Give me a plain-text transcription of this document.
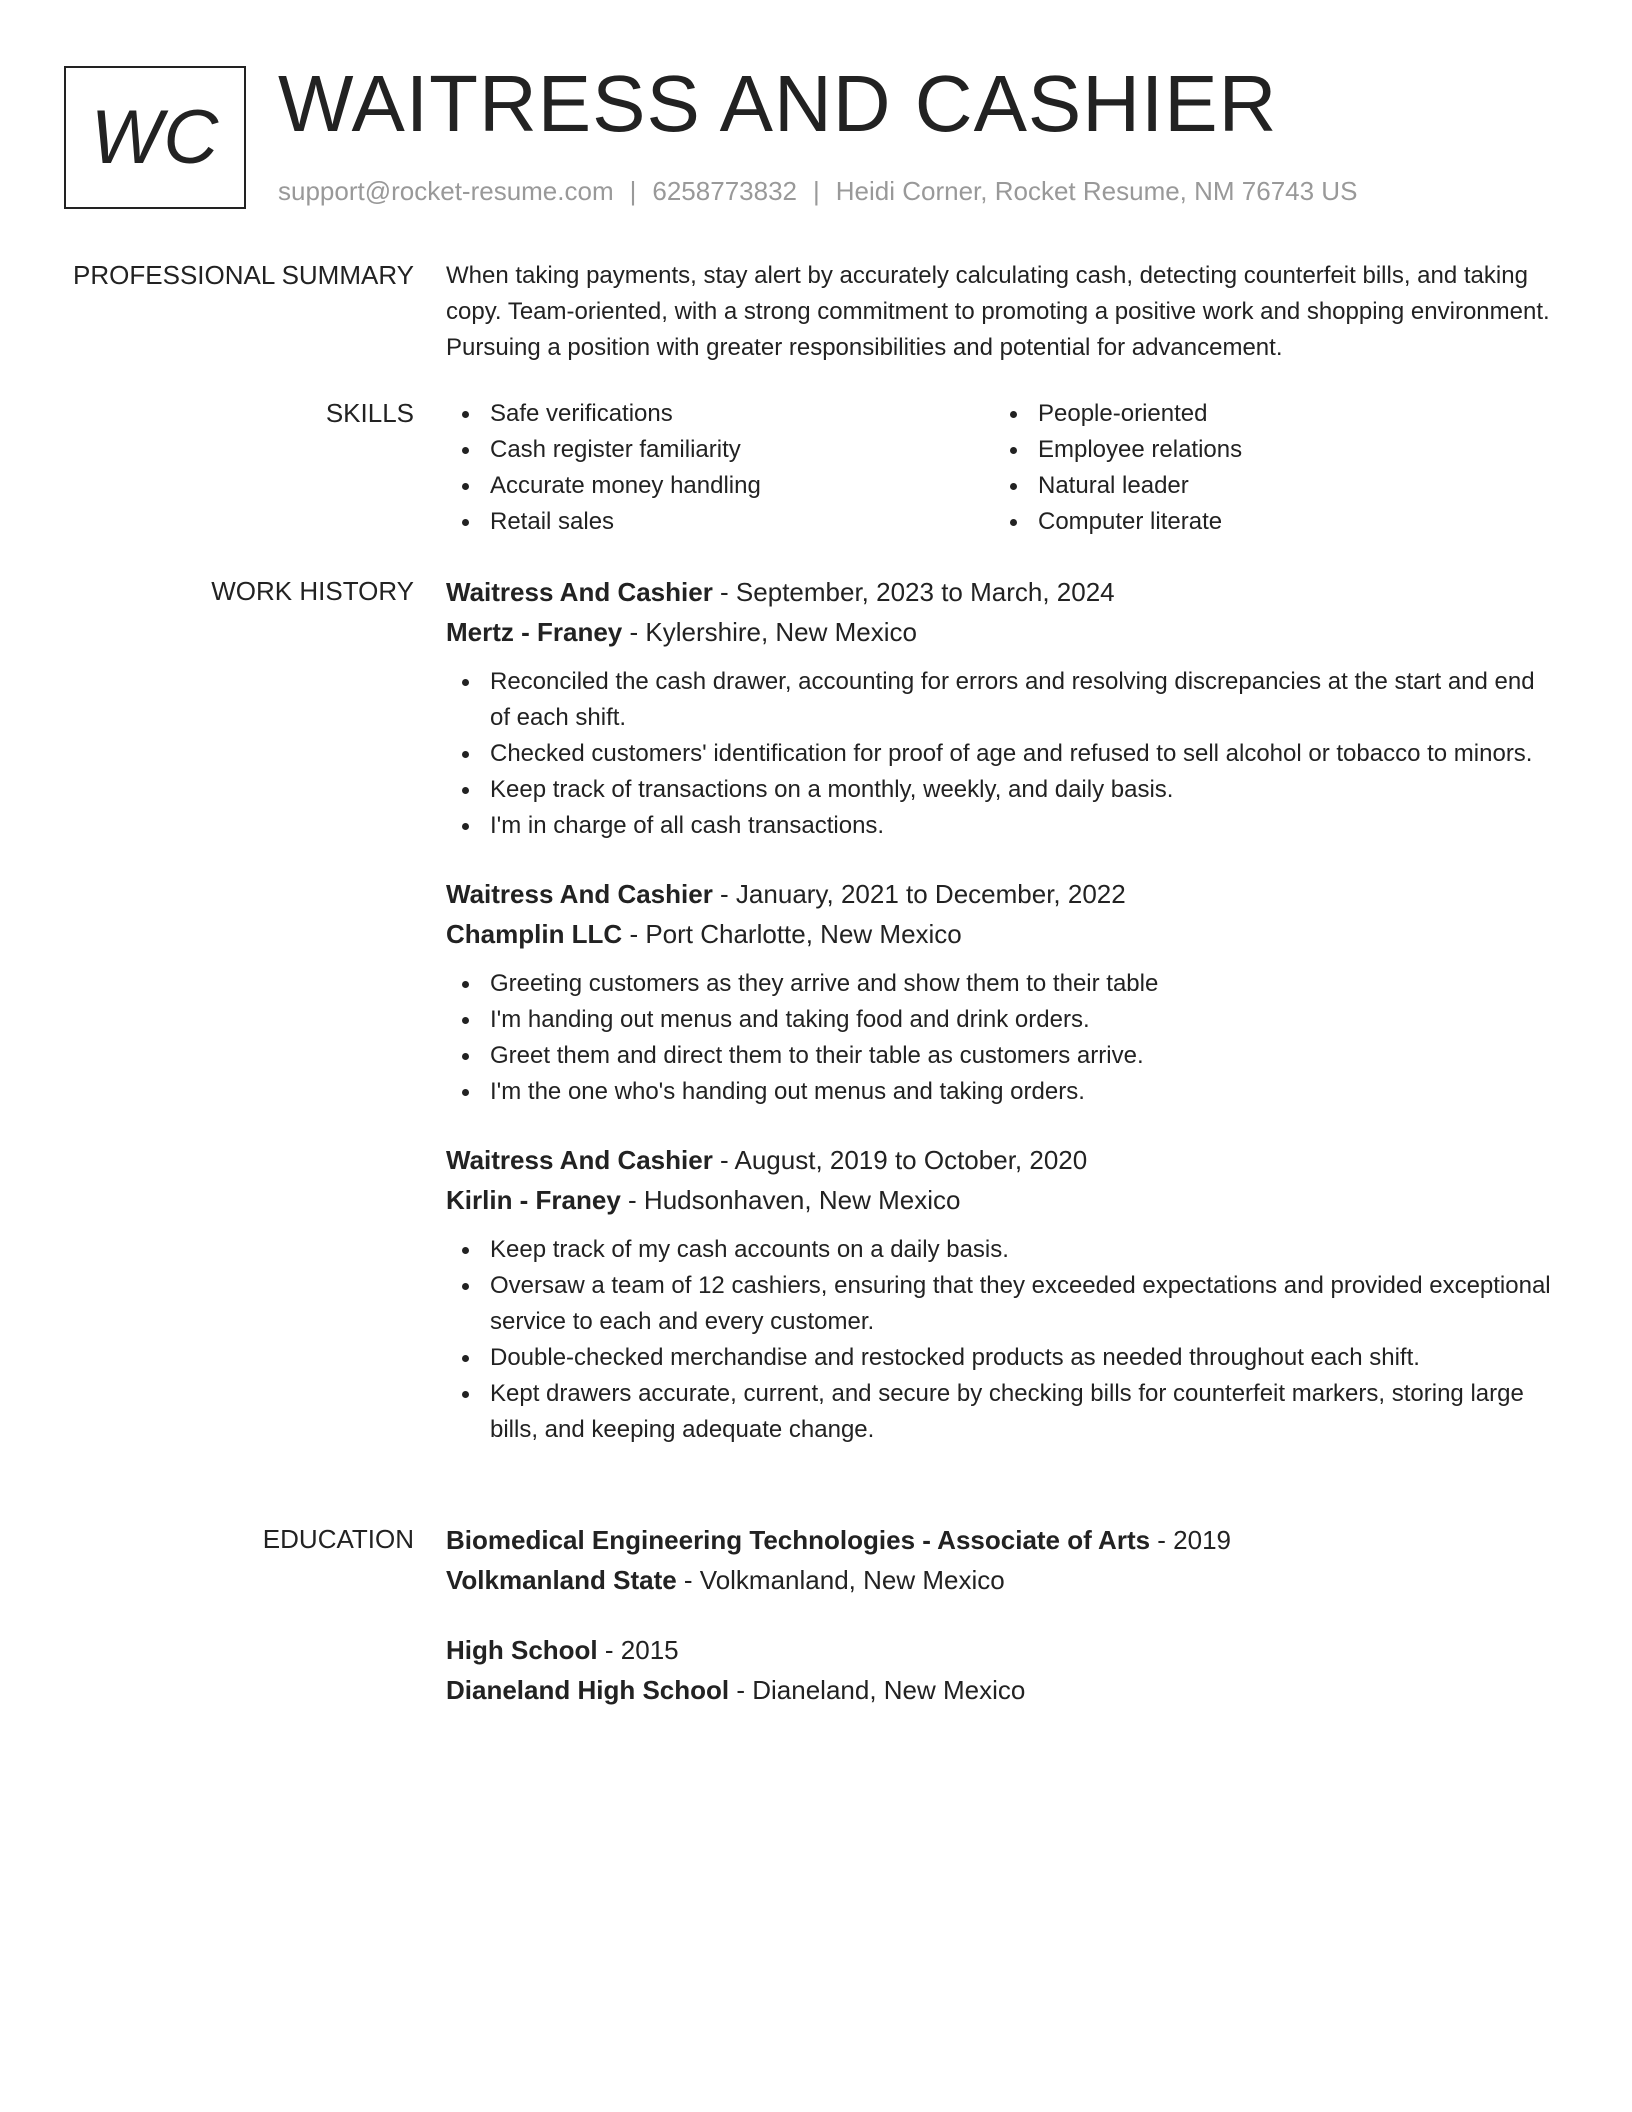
WC WAITRESS AND CASHIER
support@rocket-resume.com | 6258773832 | Heidi Corner, Rocket Resume, NM 76743 US
PROFESSIONAL SUMMARY When taking payments, stay alert by accurately calculating cash, detecting counterfeit bills, and taking copy. Team-oriented, with a strong commitment to promoting a positive work and shopping environment. Pursuing a position with greater responsibilities and potential for advancement.

SKILLS	Safe verifications
Cash register familiarity
Accurate money handling
Retail sales
People-oriented
Employee relations
Natural leader
Computer literate
WORK HISTORY Waitress And Cashier - September, 2023 to March, 2024
Mertz - Franey - Kylershire, New Mexico
Reconciled the cash drawer, accounting for errors and resolving discrepancies at the start and end of each shift.
Checked customers' identification for proof of age and refused to sell alcohol or tobacco to minors.
Keep track of transactions on a monthly, weekly, and daily basis.
I'm in charge of all cash transactions.
Waitress And Cashier - January, 2021 to December, 2022
Champlin LLC - Port Charlotte, New Mexico
Greeting customers as they arrive and show them to their table
I'm handing out menus and taking food and drink orders.
Greet them and direct them to their table as customers arrive.
I'm the one who's handing out menus and taking orders.
Waitress And Cashier - August, 2019 to October, 2020
Kirlin - Franey - Hudsonhaven, New Mexico
Keep track of my cash accounts on a daily basis.
Oversaw a team of 12 cashiers, ensuring that they exceeded expectations and provided exceptional service to each and every customer.
Double-checked merchandise and restocked products as needed throughout each shift.
Kept drawers accurate, current, and secure by checking bills for counterfeit markers, storing large bills, and keeping adequate change.
EDUCATION Biomedical Engineering Technologies - Associate of Arts - 2019
Volkmanland State - Volkmanland, New Mexico
High School - 2015
Dianeland High School - Dianeland, New Mexico
